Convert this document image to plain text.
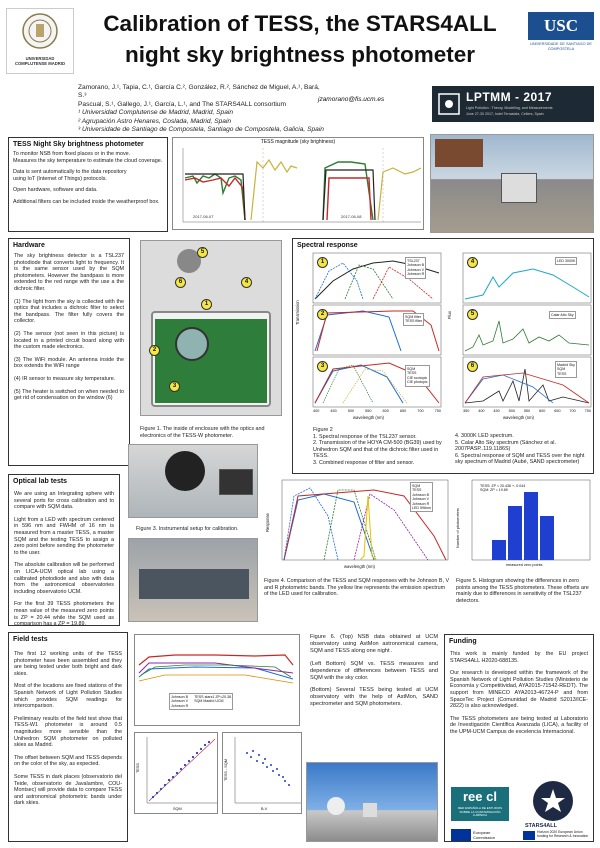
UNIVERSIDAD COMPLUTENSE MADRID
Calibration of TESS, the STARS4ALL
night sky brightness photometer
USC
UNIVERSIDADE DE SANTIAGO DE COMPOSTELA
Zamorano, J.¹, Tapia, C.¹, García C.², González, R.², Sánchez de Miguel, A.¹, Bará, S.³
Pascual, S.¹, Gallego, J.¹, García, L.¹, and The STARS4ALL consortium
¹ Universidad Complutense de Madrid, Madrid, Spain
² Agrupación Astro Henares, Coslada, Madrid, Spain
³ Universidade de Santiago de Compostela, Santiago de Compostela, Galicia, Spain
jzamorano@fis.ucm.es	LPTMM - 2017
Light Pollution : Theory, Modelling, and Measurements
June 27-30 2017, hotel Terraslatz, Cellers, Spain
TESS Night Sky brightness photometer
To monitor NSB from fixed places or in the move.
Measures the sky temperature to estimate the cloud coverage.
Data is sent automatically to the data repository
using IoT (Internet of Things) protocols.
Open hardware, software and data.
Additional filters can be included inside the weatherproof box.
TESS magnitude (sky brightness)
2017-06-07	2017-06-08
Hardware
The sky brightness detector is a TSL237 photodiode that converts light to frequency. It is the same sensor used by the SQM photometers. However the bandpass is more extended to the red range with the use a the dichroic filter.
(1) The light from the sky is collected with the optics that includes a dichroic filter to select the bandpass. The filter fully covers the collector.
(2) The sensor (not seen in this picture) is located in a printed circuit board along with the custom made electronics.
(3) The WiFi module. An antenna inside the box extends the WiFi range
(4) IR sensor to measure sky temperature.
(5) The heater is switched on when needed to get rid of condensation on the window (6)
1
2
3
4
5
6
Figure 1. The inside of enclosure with the optics and electronics of the TESS-W photometer.
Spectral response
1
2
3
4
5
6
TSL237
Johnson B
Johnson V
Johnson R
SQM filter
TESS filter
SQM
TESS
CIE scotopic
CIE photopic
LED 3000K
Calar Alto Sky
Madrid Sky
SQM
TESS
Transmission	Flux
400	450	500	550	600	650	700	750	350 400 450 500 550 600 650 700 750
wavelength (nm)	wavelength (nm)
Figure 2
1. Spectral response of the TSL237 sensor.
2. Transmission of the HOYA CM-500 (BG39) used by Unihedron SQM and that of the dichroic filter used in TESS.
3. Combined response of filter and sensor.
4. 3000K LED spectrum.
5. Calar Alto Sky spectrum (Sánchez et al. 2007PASP..119.1186S)
6. Spectral response of SQM and TESS over the night sky spectrum of Madrid (Aubé, SAND spectrometer)
Optical lab tests
We are using an Integrating sphere with several ports for cross calibration and to compare with SQM data.
Light from a LED with spectrum centered in 596 nm and FWHM of 16 nm is measured from a master TESS, a master SQM and the testing TESS to assign a zero point before sending the photometer to the user.
The absolute calibration will be performed on LICA-UCM optical lab using a calibrated photodiode and also with data from the astronomical observatories including observatorio UCM.
For the first 39 TESS photometers the mean value of the measured zero points is ZP = 20.44 while the SQM used as comparison has a ZP = 19.89.
Figure 3. Instrumental setup for calibration.	Response
wavelength (nm)
SQM
TESS
Johnson B
Johnson V
Johnson R
LED 596nm
Figure 4. Comparison of the TESS and SQM responses with he Johnson B, V and R photometric bands. The yellow line represents the emission spectrum of the LED used for calibration.
Number of photometers
measured zero points
TESS: ZP = 20.436 +- 0.044
SQM: ZP = 19.89
Figure 5. Histogram showing the differences in zero points among the TESS photometers. These offsets are mainly due to differences in sensitivity of the TSL237 detectors.
Field tests
The first 12 working units of the TESS photometer have been assembled and they are being tested under both bright and dark skies.
Most of the locations are fixed stations of the Spanish Network of Light Pollution Studies which provides SQM readings for intercomparison.
Preliminary results of the field test show that TESS-W1 photometer is around 0.5 magnitudes more sensible than the Unihedron SQM photometer on polluted skies as Madrid.
The offset between SQM and TESS depends on the color of the sky, as expected.
Some TESS in dark places (observatorio del Teide, observatorio de Javalambre, COU-Montsec) will provide data to compare TESS and astronomical photometric bands under dark skies.
Johnson B
Johnson V
Johnson R
TESS stars1 ZP=20.38
SQM Madrid UCM
SQM
TESS
B-V
TESS - SQM
Figure 6. (Top) NSB data obtained at UCM observatory using AstMon astronomical camera, SQM and TESS along one night .
(Left Bottom) SQM vs. TESS measures and dependence of differences between TESS and SQM with the sky color.
(Bottom) Several TESS being tested at UCM observatory with the help of AstMon, SAND spectrometer and SQM photometers.
Funding
This work is mainly funded by the EU project STARS4ALL H2020-688135.
Our research is developed within the framework of the Spanish Network of Light Pollution Studies (Ministerio de Economía y Competitividad, AYA2015-71542-REDT). The support from MINECO AYA2013-46724-P and from SpaceTec Project (Comunidad de Madrid S2013/ICE-2822) is also acknowledged.
The TESS photometers are being tested at Laboratorio de Investigación Científica Avanzada (LICA), a facility of the UPM-UCM Campus de excelencia Internacional.
ree cl
RED ESPAÑOLA DE ESTUDIOS SOBRE LA CONTAMINACIÓN LUMÍNICA
STARS4ALL
European Commission
Horizon 2020 European Union funding for Research & Innovation
